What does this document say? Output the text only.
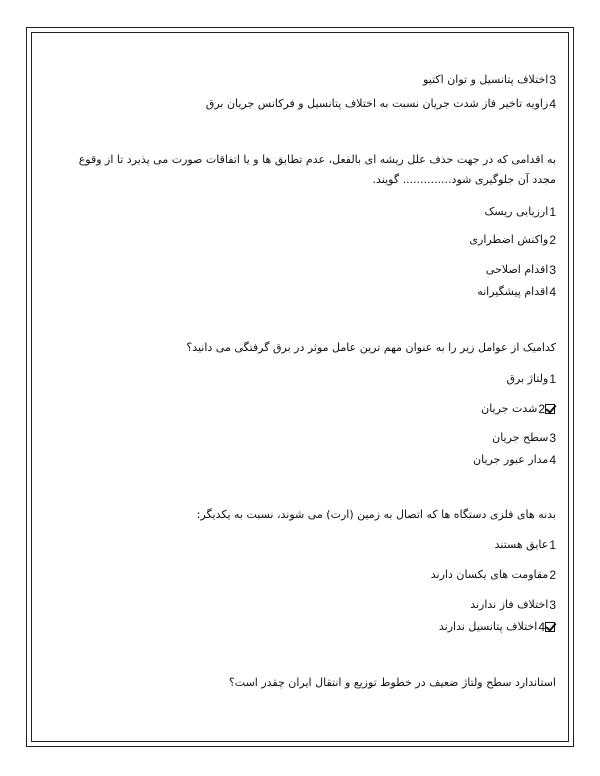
3
اختلاف پتانسیل و توان اکتیو
4
زاویه تاخیر فاز شدت جریان نسبت به اختلاف پتانسیل و فرکانس جریان برق
به اقدامی که در جهت حذف علل ریشه ای بالفعل، عدم تطابق ها و یا اتفاقات صورت می پذیرد تا از وقوع
مجدد آن جلوگیری شود.............. گویند.
1
ارزیابی ریسک
2
واکنش اضطراری
3
اقدام اصلاحی
4
اقدام پیشگیرانه
کدامیک از عوامل زیر را به عنوان مهم ترین عامل موثر در برق گرفتگی می دانید؟
1
ولتاژ برق
2
شدت جریان
3
سطح جریان
4
مدار عبور جریان
بدنه های فلزی دستگاه ها که اتصال به زمین (ارت) می شوند، نسبت به یکدیگر:
1
عایق هستند
2
مقاومت های یکسان دارند
3
اختلاف فاز ندارند
4
اختلاف پتانسیل ندارند
استاندارد سطح ولتاژ ضعیف در خطوط توزیع و انتقال ایران چقدر است؟
